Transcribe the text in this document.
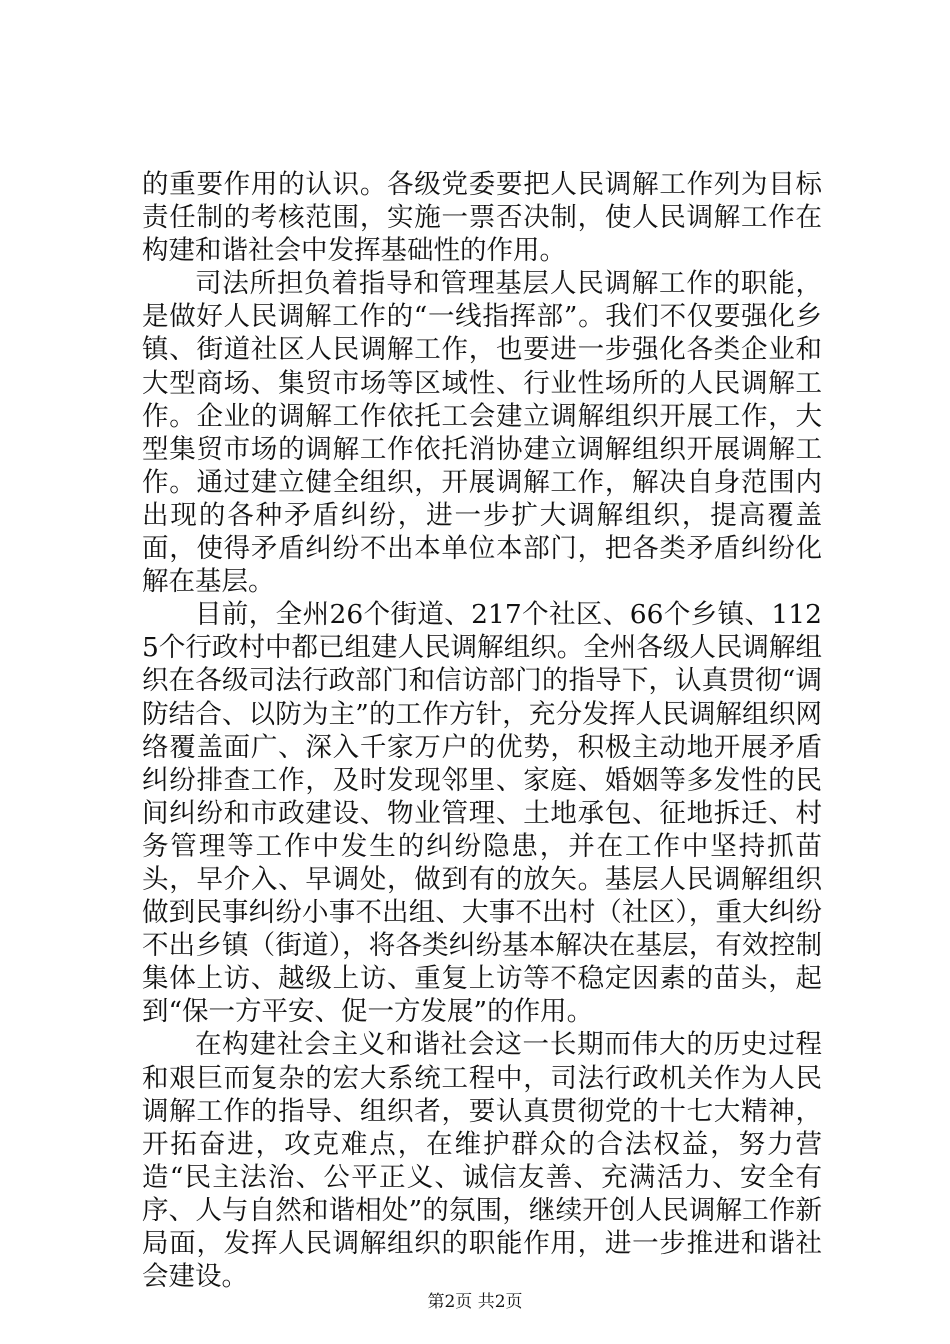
的重要作用的认识。各级党委要把人民调解工作列为目标责任制的考核范围，实施一票否决制，使人民调解工作在构建和谐社会中发挥基础性的作用。

司法所担负着指导和管理基层人民调解工作的职能，是做好人民调解工作的“一线指挥部”。我们不仅要强化乡镇、街道社区人民调解工作，也要进一步强化各类企业和大型商场、集贸市场等区域性、行业性场所的人民调解工作。企业的调解工作依托工会建立调解组织开展工作，大型集贸市场的调解工作依托消协建立调解组织开展调解工作。通过建立健全组织，开展调解工作，解决自身范围内出现的各种矛盾纠纷，进一步扩大调解组织，提高覆盖面，使得矛盾纠纷不出本单位本部门，把各类矛盾纠纷化解在基层。

目前，全州26个街道、217个社区、66个乡镇、1125个行政村中都已组建人民调解组织。全州各级人民调解组织在各级司法行政部门和信访部门的指导下，认真贯彻“调防结合、以防为主”的工作方针，充分发挥人民调解组织网络覆盖面广、深入千家万户的优势，积极主动地开展矛盾纠纷排查工作，及时发现邻里、家庭、婚姻等多发性的民间纠纷和市政建设、物业管理、土地承包、征地拆迁、村务管理等工作中发生的纠纷隐患，并在工作中坚持抓苗头，早介入、早调处，做到有的放矢。基层人民调解组织做到民事纠纷小事不出组、大事不出村（社区），重大纠纷不出乡镇（街道），将各类纠纷基本解决在基层，有效控制集体上访、越级上访、重复上访等不稳定因素的苗头，起到“保一方平安、促一方发展”的作用。

在构建社会主义和谐社会这一长期而伟大的历史过程和艰巨而复杂的宏大系统工程中，司法行政机关作为人民调解工作的指导、组织者，要认真贯彻党的十七大精神，开拓奋进，攻克难点，在维护群众的合法权益，努力营造“民主法治、公平正义、诚信友善、充满活力、安全有序、人与自然和谐相处”的氛围，继续开创人民调解工作新局面，发挥人民调解组织的职能作用，进一步推进和谐社会建设。

第2页 共2页
